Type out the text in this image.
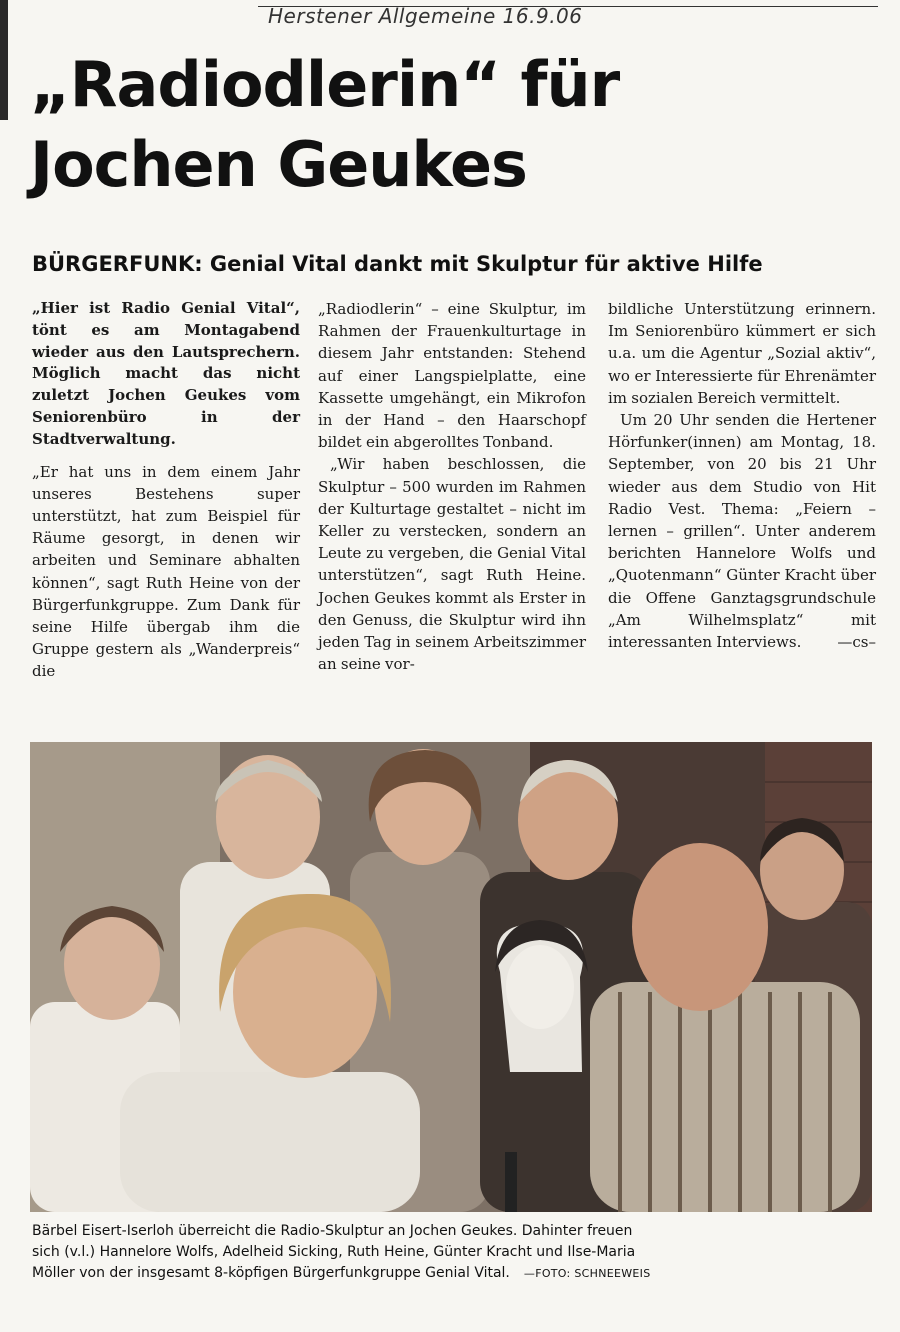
Herstener Allgemeine 16.9.06
„Radiodlerin“ für
Jochen Geukes
BÜRGERFUNK: Genial Vital dankt mit Skulptur für aktive Hilfe

„Hier ist Radio Genial Vital“, tönt es am Montagabend wieder aus den Lautsprechern. Möglich macht das nicht zuletzt Jochen Geukes vom Seniorenbüro in der Stadtverwaltung.

„Er hat uns in dem einem Jahr unseres Bestehens super unterstützt, hat zum Beispiel für Räume gesorgt, in denen wir arbeiten und Seminare abhalten können“, sagt Ruth Heine von der Bürgerfunkgruppe. Zum Dank für seine Hilfe übergab ihm die Gruppe gestern als „Wanderpreis“ die

„Radiodlerin“ – eine Skulptur, im Rahmen der Frauenkulturtage in diesem Jahr entstanden: Stehend auf einer Langspielplatte, eine Kassette umgehängt, ein Mikrofon in der Hand – den Haarschopf bildet ein abgerolltes Tonband.

„Wir haben beschlossen, die Skulptur – 500 wurden im Rahmen der Kulturtage gestaltet – nicht im Keller zu verstecken, sondern an Leute zu vergeben, die Genial Vital unterstützen“, sagt Ruth Heine. Jochen Geukes kommt als Erster in den Genuss, die Skulptur wird ihn jeden Tag in seinem Arbeitszimmer an seine vor-

bildliche Unterstützung erinnern. Im Seniorenbüro kümmert er sich u.a. um die Agentur „Sozial aktiv“, wo er Interessierte für Ehrenämter im sozialen Bereich vermittelt.

Um 20 Uhr senden die Hertener Hörfunker(innen) am Montag, 18. September, von 20 bis 21 Uhr wieder aus dem Studio von Hit Radio Vest. Thema: „Feiern – lernen – grillen“. Unter anderem berichten Hannelore Wolfs und „Quotenmann“ Günter Kracht über die Offene Ganztagsgrundschule „Am Wilhelmsplatz“ mit interessanten Interviews.	—cs–
Bärbel Eisert-Iserloh überreicht die Radio-Skulptur an Jochen Geukes. Dahinter freuen
sich (v.l.) Hannelore Wolfs, Adelheid Sicking, Ruth Heine, Günter Kracht und Ilse-Maria
Möller von der insgesamt 8-köpfigen Bürgerfunkgruppe Genial Vital. —FOTO: SCHNEEWEIS
